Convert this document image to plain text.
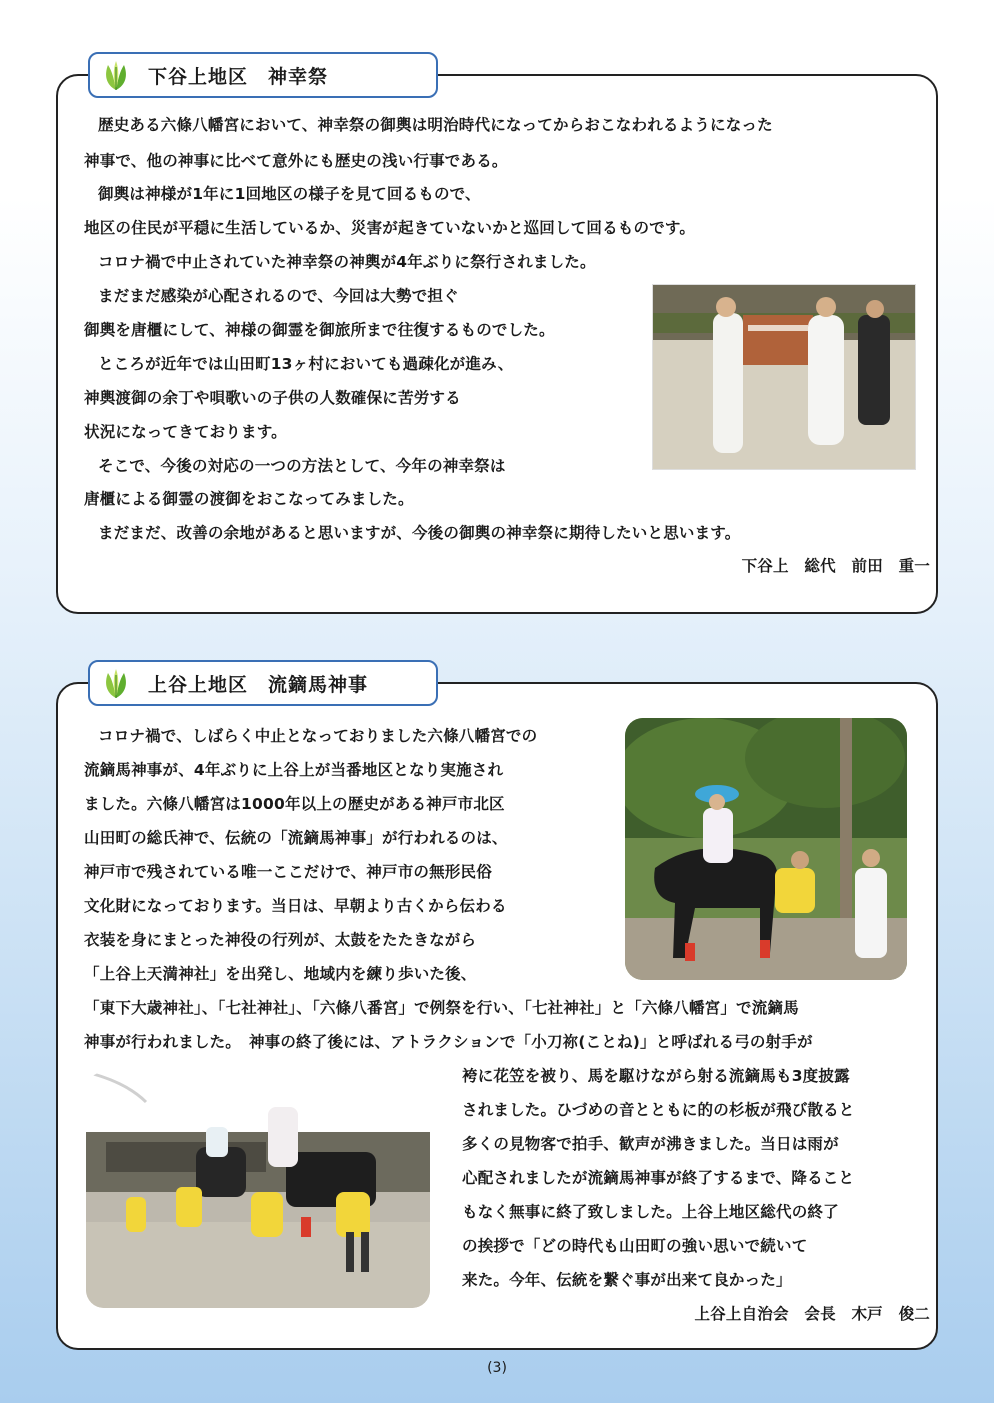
下谷上地区　神幸祭
歴史ある六條八幡宮において、神幸祭の御輿は明治時代になってからおこなわれるようになった
神事で、他の神事に比べて意外にも歴史の浅い行事である。
御輿は神様が1年に1回地区の様子を見て回るもので、
地区の住民が平穏に生活しているか、災害が起きていないかと巡回して回るものです。
コロナ禍で中止されていた神幸祭の神輿が4年ぶりに祭行されました。
まだまだ感染が心配されるので、今回は大勢で担ぐ
御輿を唐櫃にして、神様の御霊を御旅所まで往復するものでした。
ところが近年では山田町13ヶ村においても過疎化が進み、
神輿渡御の余丁や唄歌いの子供の人数確保に苦労する
状況になってきております。
そこで、今後の対応の一つの方法として、今年の神幸祭は
唐櫃による御霊の渡御をおこなってみました。
まだまだ、改善の余地があると思いますが、今後の御輿の神幸祭に期待したいと思います。
下谷上　総代　前田　重一
上谷上地区　流鏑馬神事
コロナ禍で、しばらく中止となっておりました六條八幡宮での
流鏑馬神事が、4年ぶりに上谷上が当番地区となり実施され
ました。六條八幡宮は1000年以上の歴史がある神戸市北区
山田町の総氏神で、伝統の「流鏑馬神事」が行われるのは、
神戸市で残されている唯一ここだけで、神戸市の無形民俗
文化財になっております。当日は、早朝より古くから伝わる
衣装を身にまとった神役の行列が、太鼓をたたきながら
「上谷上天満神社」を出発し、地域内を練り歩いた後、
「東下大歳神社」、「七社神社」、「六條八番宮」で例祭を行い、「七社神社」と「六條八幡宮」で流鏑馬
神事が行われました。　神事の終了後には、アトラクションで「小刀祢(ことね)」と呼ばれる弓の射手が
袴に花笠を被り、馬を駆けながら射る流鏑馬も3度披露
されました。ひづめの音とともに的の杉板が飛び散ると
多くの見物客で拍手、歓声が沸きました。当日は雨が
心配されましたが流鏑馬神事が終了するまで、降ること
もなく無事に終了致しました。上谷上地区総代の終了
の挨拶で「どの時代も山田町の強い思いで続いて
来た。今年、伝統を繋ぐ事が出来て良かった」
上谷上自治会　会長　木戸　俊二
(3)
